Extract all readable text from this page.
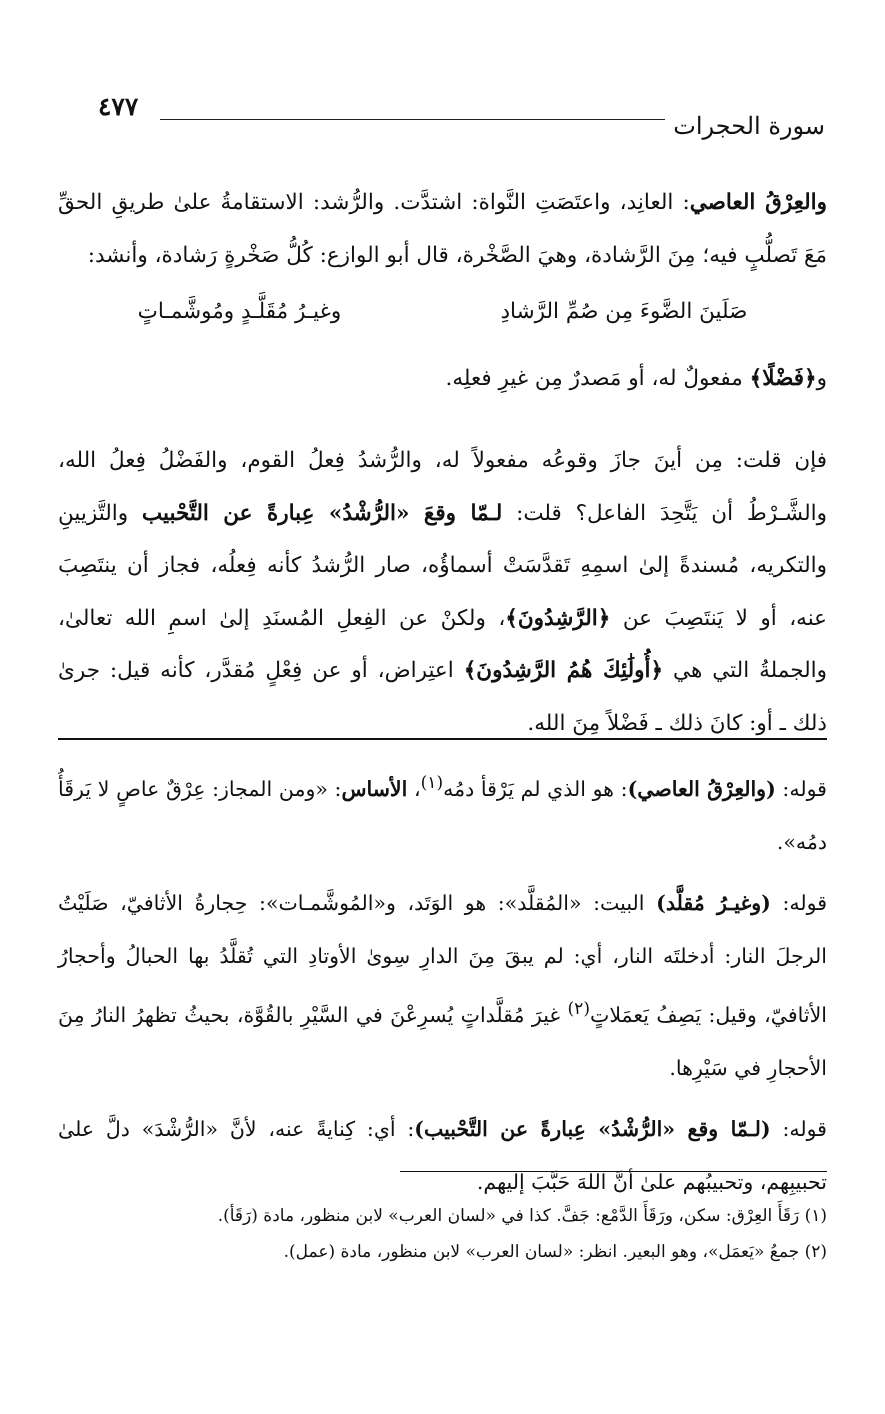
٤٧٧
سورة الحجرات

والعِرْقُ العاصي: العانِد، واعتَصَتِ النَّواة: اشتدَّت. والرُّشد: الاستقامةُ علىٰ طريقِ الحقِّ مَعَ تَصلُّبٍ فيه؛ مِنَ الرَّشادة، وهيَ الصَّخْرة، قال أبو الوازع: كُلُّ صَخْرةٍ رَشادة، وأنشد:

صَلَينَ الضَّوءَ مِن صُمِّ الرَّشادِ
وغيـرُ مُقَلَّـدٍ ومُوشَّمـاتٍ

و﴿فَضْلًا﴾ مفعولٌ له، أو مَصدرٌ مِن غيرِ فعلِه.

فإن قلت: مِن أينَ جازَ وقوعُه مفعولاً له، والرُّشدُ فِعلُ القوم، والفَضْلُ فِعلُ الله، والشَّـرْطُ أن يَتَّحِدَ الفاعل؟ قلت: لـمّا وقعَ «الرُّشْدُ» عِبارةً عن التَّحْبيب والتَّزيينِ والتكريه، مُسندةً إلىٰ اسمِهِ تَقدَّسَتْ أسماؤُه، صار الرُّشدُ كأنه فِعلُه، فجاز أن ينتَصِبَ عنه، أو لا يَنتَصِبَ عن ﴿الرَّشِدُونَ﴾، ولكنْ عن الفِعلِ المُسنَدِ إلىٰ اسمِ الله تعالىٰ، والجملةُ التي هي ﴿أُولَٰئِكَ هُمُ الرَّشِدُونَ﴾ اعتِراض، أو عن فِعْلٍ مُقدَّر، كأنه قيل: جرىٰ ذلك ـ أو: كانَ ذلك ـ فَضْلاً مِنَ الله.

قوله: (والعِرْقُ العاصي): هو الذي لم يَرْقأ دمُه$^{(١)}$، الأساس: «ومن المجاز: عِرْقٌ عاصٍ لا يَرقَأُ دمُه».

قوله: (وغيـرُ مُقلَّد) البيت: «المُقلَّد»: هو الوَتَد، و«المُوشَّمـات»: حِجارةُ الأثافيّ، صَلَيْتُ الرجلَ النار: أدخلتَه النار، أي: لم يبقَ مِنَ الدارِ سِوىٰ الأوتادِ التي تُقلَّدُ بها الحبالُ وأحجارُ الأثافيّ، وقيل: يَصِفُ يَعمَلاتٍ$^{(٢)}$ غيرَ مُقلَّداتٍ يُسرِعْنَ في السَّيْرِ بالقُوَّة، بحيثُ تظهرُ النارُ مِنَ الأحجارِ في سَيْرِها.

قوله: (لـمّا وقع «الرُّشْدُ» عِبارةً عن التَّحْبيب): أي: كِنايةً عنه، لأنَّ «الرُّشْدَ» دلَّ علىٰ تحبيبِهم، وتحبيبُهم علىٰ أنَّ اللهَ حَبَّبَ إليهم.

(١) رَقَأَ العِرْق: سكن، ورَقَأَ الدَّمْع: جَفَّ. كذا في «لسان العرب» لابن منظور، مادة (رَقَأ).

(٢) جمعُ «يَعمَل»، وهو البعير. انظر: «لسان العرب» لابن منظور، مادة (عمل).
